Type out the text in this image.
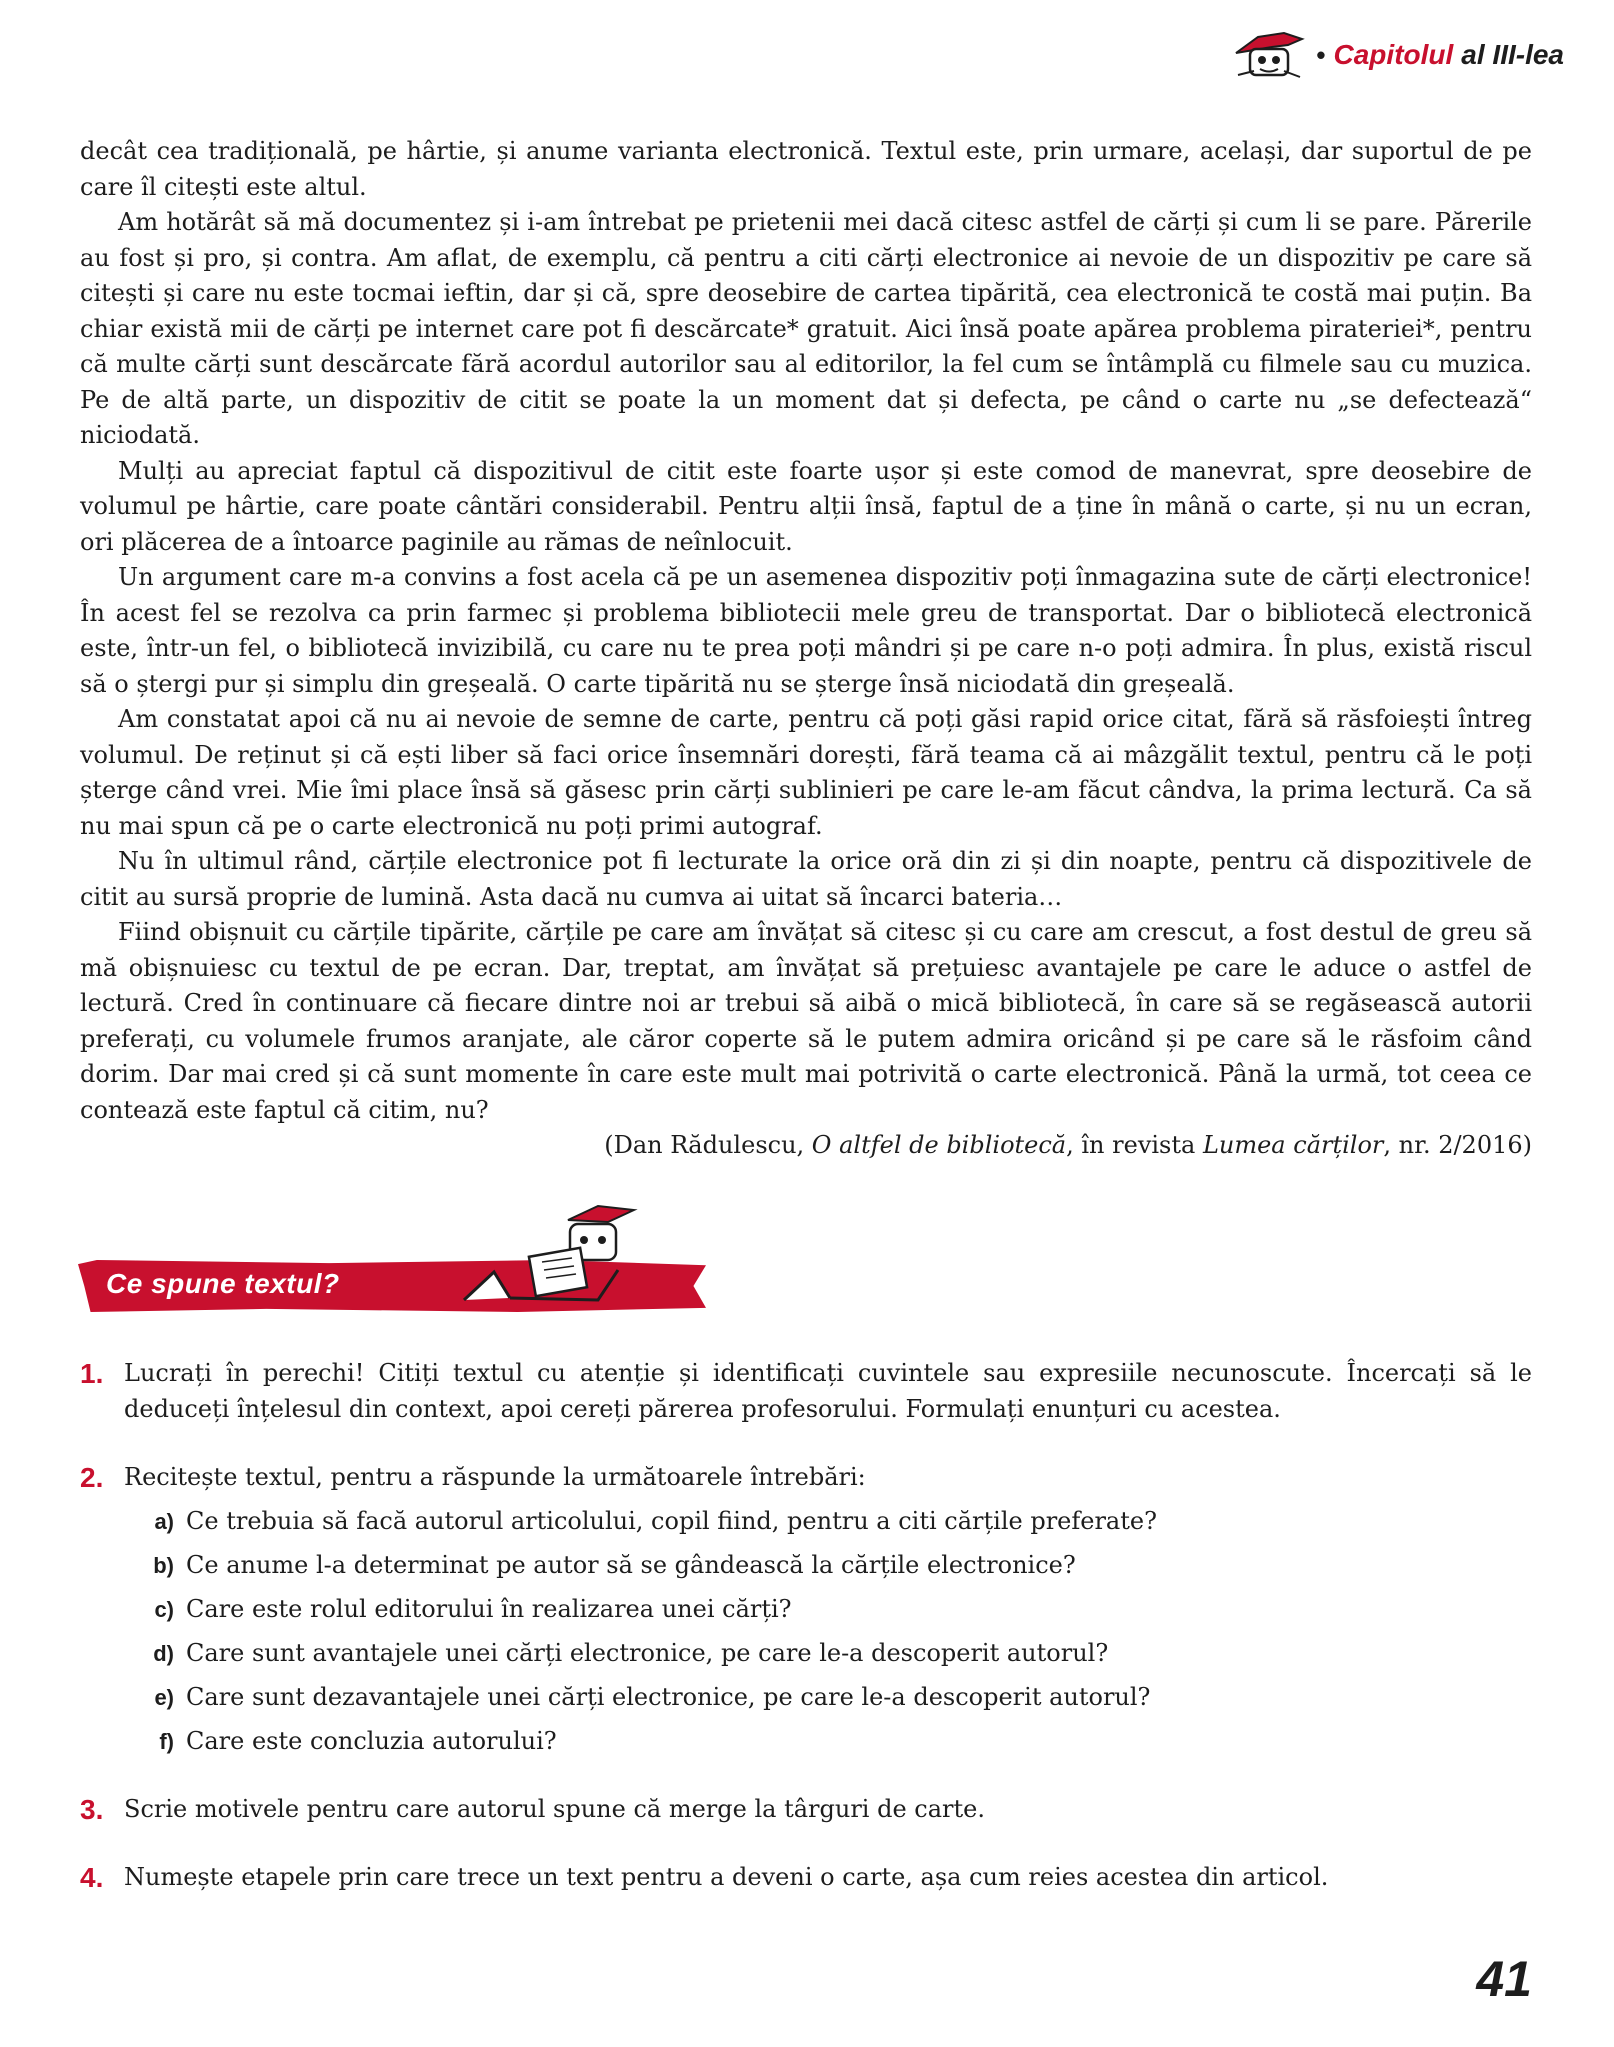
• Capitolul al III-lea

decât cea tradițională, pe hârtie, și anume varianta electronică. Textul este, prin urmare, același, dar suportul de pe care îl citești este altul.

Am hotărât să mă documentez și i-am întrebat pe prietenii mei dacă citesc astfel de cărți și cum li se pare. Părerile au fost și pro, și contra. Am aflat, de exemplu, că pentru a citi cărți electronice ai nevoie de un dispozitiv pe care să citești și care nu este tocmai ieftin, dar și că, spre deosebire de cartea tipărită, cea electronică te costă mai puțin. Ba chiar există mii de cărți pe internet care pot fi descărcate* gratuit. Aici însă poate apărea problema pirateriei*, pentru că multe cărți sunt descărcate fără acordul autorilor sau al editorilor, la fel cum se întâmplă cu filmele sau cu muzica. Pe de altă parte, un dispozitiv de citit se poate la un moment dat și defecta, pe când o carte nu „se defectează“ niciodată.

Mulți au apreciat faptul că dispozitivul de citit este foarte ușor și este comod de manevrat, spre deosebire de volumul pe hârtie, care poate cântări considerabil. Pentru alții însă, faptul de a ține în mână o carte, și nu un ecran, ori plăcerea de a întoarce paginile au rămas de neînlocuit.

Un argument care m-a convins a fost acela că pe un asemenea dispozitiv poți înmagazina sute de cărți electronice! În acest fel se rezolva ca prin farmec și problema bibliotecii mele greu de transportat. Dar o bibliotecă electronică este, într-un fel, o bibliotecă invizibilă, cu care nu te prea poți mândri și pe care n-o poți admira. În plus, există riscul să o ștergi pur și simplu din greșeală. O carte tipărită nu se șterge însă niciodată din greșeală.

Am constatat apoi că nu ai nevoie de semne de carte, pentru că poți găsi rapid orice citat, fără să răsfoiești întreg volumul. De reținut și că ești liber să faci orice însemnări dorești, fără teama că ai mâzgălit textul, pentru că le poți șterge când vrei. Mie îmi place însă să găsesc prin cărți sublinieri pe care le-am făcut cândva, la prima lectură. Ca să nu mai spun că pe o carte electronică nu poți primi autograf.

Nu în ultimul rând, cărțile electronice pot fi lecturate la orice oră din zi și din noapte, pentru că dispozitivele de citit au sursă proprie de lumină. Asta dacă nu cumva ai uitat să încarci bateria…

Fiind obișnuit cu cărțile tipărite, cărțile pe care am învățat să citesc și cu care am crescut, a fost destul de greu să mă obișnuiesc cu textul de pe ecran. Dar, treptat, am învățat să prețuiesc avantajele pe care le aduce o astfel de lectură. Cred în continuare că fiecare dintre noi ar trebui să aibă o mică bibliotecă, în care să se regăsească autorii preferați, cu volumele frumos aranjate, ale căror coperte să le putem admira oricând și pe care să le răsfoim când dorim. Dar mai cred și că sunt momente în care este mult mai potrivită o carte electronică. Până la urmă, tot ceea ce contează este faptul că citim, nu?

(Dan Rădulescu, O altfel de bibliotecă, în revista Lumea cărților, nr. 2/2016)

Ce spune textul?
1. Lucrați în perechi! Citiți textul cu atenție și identificați cuvintele sau expresiile necunoscute. Încercați să le deduceți înțelesul din context, apoi cereți părerea profesorului. Formulați enunțuri cu acestea.
2. Recitește textul, pentru a răspunde la următoarele întrebări:
a) Ce trebuia să facă autorul articolului, copil fiind, pentru a citi cărțile preferate?
b) Ce anume l-a determinat pe autor să se gândească la cărțile electronice?
c) Care este rolul editorului în realizarea unei cărți?
d) Care sunt avantajele unei cărți electronice, pe care le-a descoperit autorul?
e) Care sunt dezavantajele unei cărți electronice, pe care le-a descoperit autorul?
f) Care este concluzia autorului?
3. Scrie motivele pentru care autorul spune că merge la târguri de carte.
4. Numește etapele prin care trece un text pentru a deveni o carte, așa cum reies acestea din articol.
41
